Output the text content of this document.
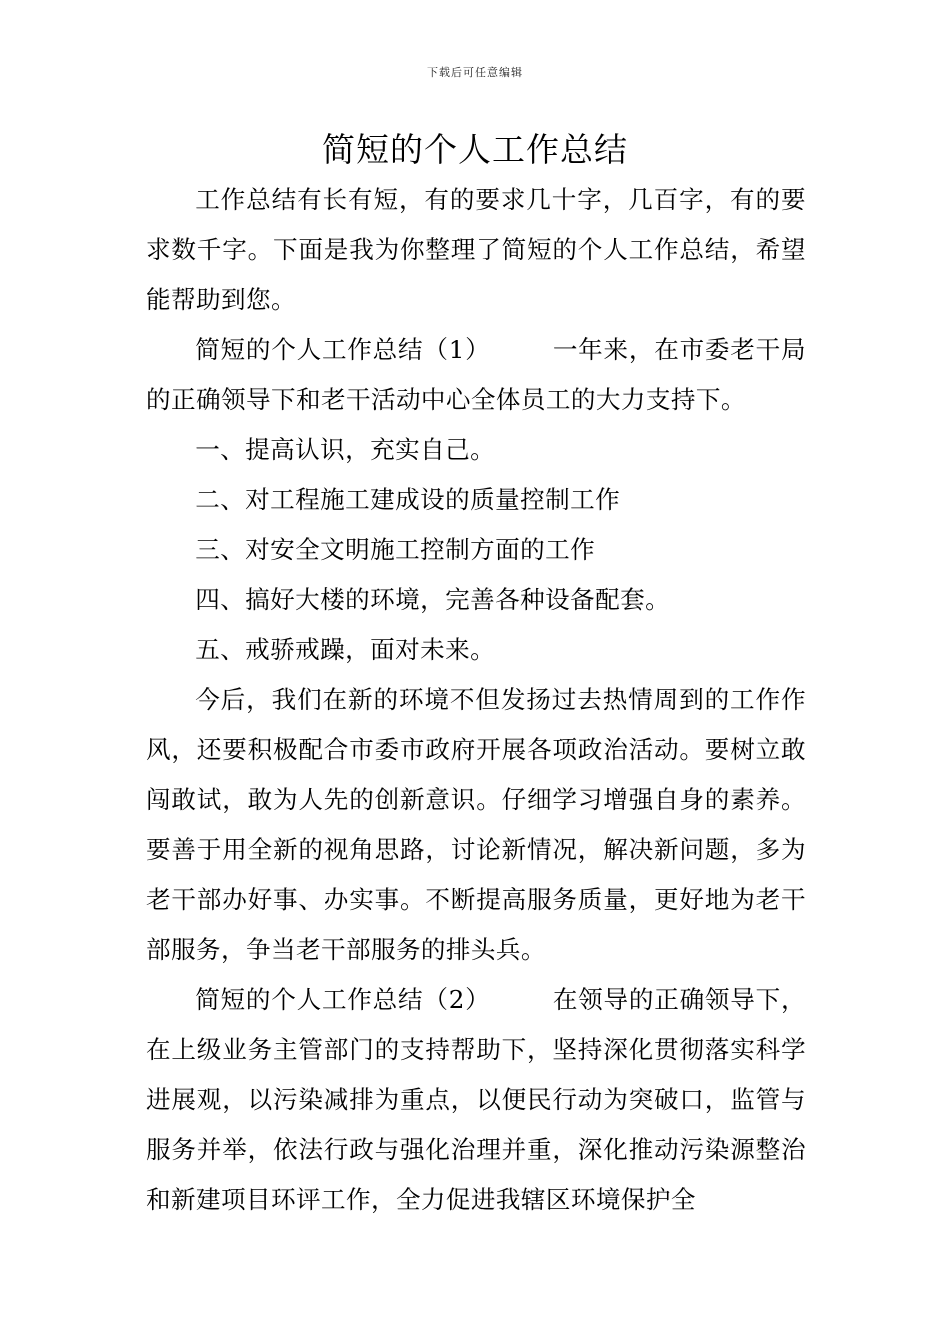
下载后可任意编辑
简短的个人工作总结

工作总结有长有短，有的要求几十字，几百字，有的要求数千字。下面是我为你整理了简短的个人工作总结，希望能帮助到您。

简短的个人工作总结（1）	一年来，在市委老干局的正确领导下和老干活动中心全体员工的大力支持下。

一、提高认识，充实自己。

二、对工程施工建成设的质量控制工作

三、对安全文明施工控制方面的工作

四、搞好大楼的环境，完善各种设备配套。

五、戒骄戒躁，面对未来。

今后，我们在新的环境不但发扬过去热情周到的工作作风，还要积极配合市委市政府开展各项政治活动。要树立敢闯敢试，敢为人先的创新意识。仔细学习增强自身的素养。要善于用全新的视角思路，讨论新情况，解决新问题，多为老干部办好事、办实事。不断提高服务质量，更好地为老干部服务，争当老干部服务的排头兵。

简短的个人工作总结（2）	在领导的正确领导下，在上级业务主管部门的支持帮助下，坚持深化贯彻落实科学进展观，以污染减排为重点，以便民行动为突破口，监管与服务并举，依法行政与强化治理并重，深化推动污染源整治和新建项目环评工作，全力促进我辖区环境保护全
